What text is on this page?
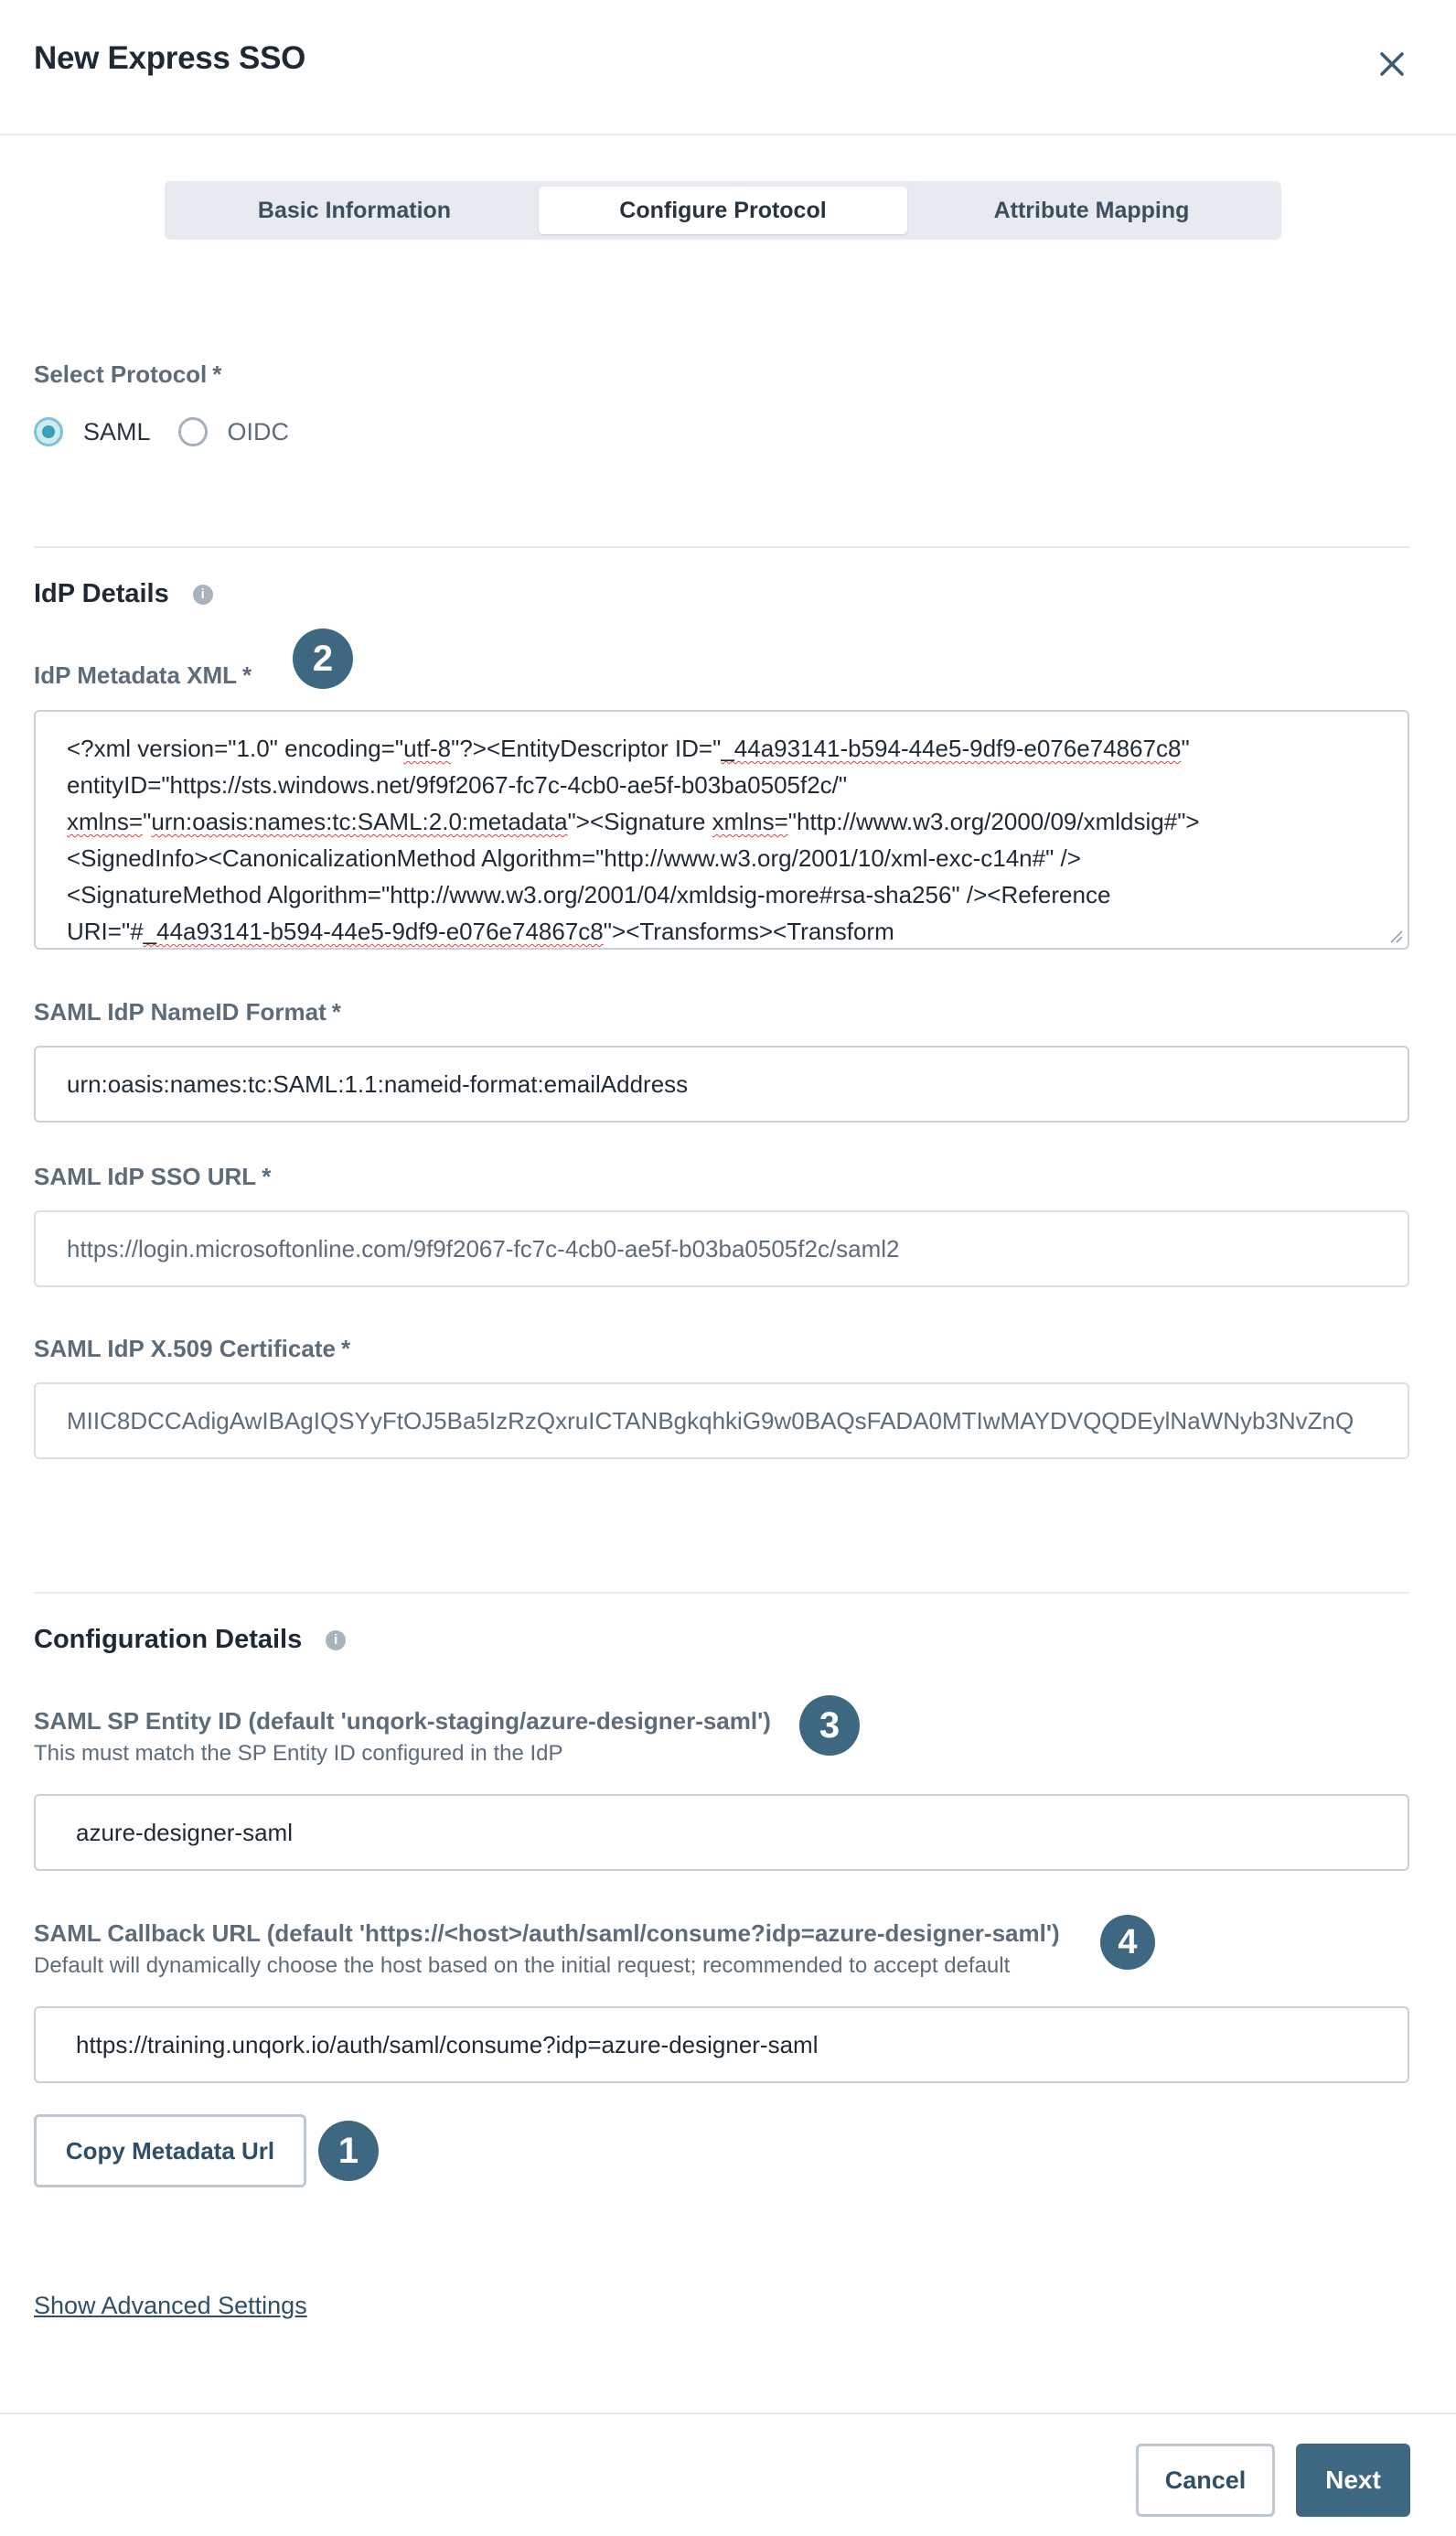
New Express SSO
Basic Information	Configure Protocol	Attribute Mapping
Select Protocol *
SAML	OIDC
IdP Details	i
IdP Metadata XML *	2
<?xml version="1.0" encoding="utf-8"?><EntityDescriptor ID="_44a93141-b594-44e5-9df9-e076e74867c8"
entityID="https://sts.windows.net/9f9f2067-fc7c-4cb0-ae5f-b03ba0505f2c/"
xmlns="urn:oasis:names:tc:SAML:2.0:metadata"><Signature xmlns="http://www.w3.org/2000/09/xmldsig#">
<SignedInfo><CanonicalizationMethod Algorithm="http://www.w3.org/2001/10/xml-exc-c14n#" />
<SignatureMethod Algorithm="http://www.w3.org/2001/04/xmldsig-more#rsa-sha256" /><Reference
URI="#_44a93141-b594-44e5-9df9-e076e74867c8"><Transforms><Transform
SAML IdP NameID Format *
urn:oasis:names:tc:SAML:1.1:nameid-format:emailAddress
SAML IdP SSO URL *
https://login.microsoftonline.com/9f9f2067-fc7c-4cb0-ae5f-b03ba0505f2c/saml2
SAML IdP X.509 Certificate *
MIIC8DCCAdigAwIBAgIQSYyFtOJ5Ba5IzRzQxruICTANBgkqhkiG9w0BAQsFADA0MTIwMAYDVQQDEylNaWNyb3NvZnQ
Configuration Details	i
SAML SP Entity ID (default 'unqork-staging/azure-designer-saml')
This must match the SP Entity ID configured in the IdP
3
azure-designer-saml
SAML Callback URL (default 'https://<host>/auth/saml/consume?idp=azure-designer-saml')
Default will dynamically choose the host based on the initial request; recommended to accept default
4
https://training.unqork.io/auth/saml/consume?idp=azure-designer-saml
Copy Metadata Url	1
Show Advanced Settings
Cancel	Next
